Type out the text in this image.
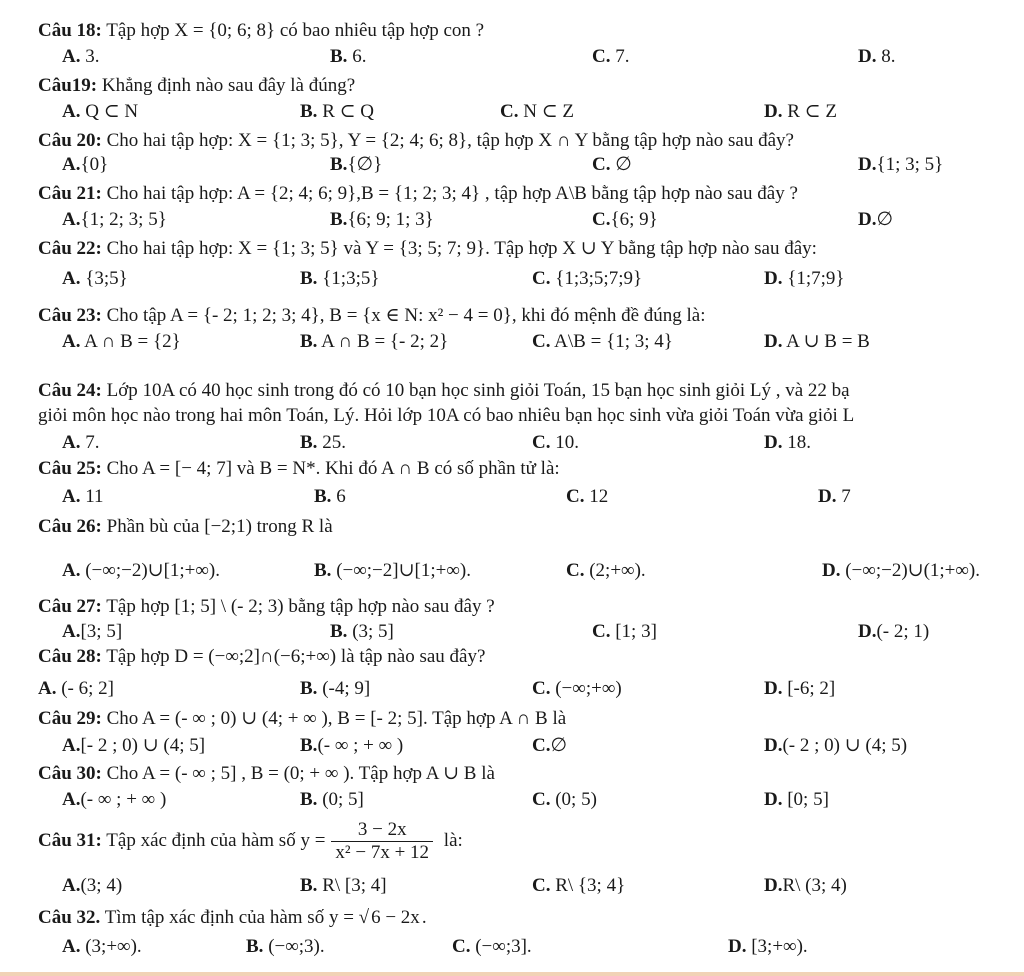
Câu 18: Tập hợp X = {0; 6; 8} có bao nhiêu tập hợp con ?
A. 3.	B. 6.	C. 7.	D. 8.
Câu19: Khẳng định nào sau đây là đúng?
A. Q ⊂ N	B. R ⊂ Q	C. N ⊂ Z	D. R ⊂ Z
Câu 20: Cho hai tập hợp: X = {1; 3; 5}, Y = {2; 4; 6; 8}, tập hợp X ∩ Y bằng tập hợp nào sau đây?
A.{0}	B.{∅}	C. ∅	D.{1; 3; 5}
Câu 21: Cho hai tập hợp: A = {2; 4; 6; 9},B = {1; 2; 3; 4} , tập hợp A\B bằng tập hợp nào sau đây ?
A.{1; 2; 3; 5}	B.{6; 9; 1; 3}	C.{6; 9}	D.∅
Câu 22: Cho hai tập hợp: X = {1; 3; 5} và Y = {3; 5; 7; 9}. Tập hợp X ∪ Y bằng tập hợp nào sau đây:
A. {3;5}	B. {1;3;5}	C. {1;3;5;7;9}	D. {1;7;9}
Câu 23: Cho tập A = {- 2; 1; 2; 3; 4}, B = {x ∈ N: x² − 4 = 0}, khi đó mệnh đề đúng là:
A. A ∩ B = {2}	B. A ∩ B = {- 2; 2}	C. A\B = {1; 3; 4}	D. A ∪ B = B
Câu 24: Lớp 10A có 40 học sinh trong đó có 10 bạn học sinh giỏi Toán, 15 bạn học sinh giỏi Lý , và 22 bạ
giỏi môn học nào trong hai môn Toán, Lý. Hỏi lớp 10A có bao nhiêu bạn học sinh vừa giỏi Toán vừa giỏi L
A. 7.	B. 25.	C. 10.	D. 18.
Câu 25: Cho A = [− 4; 7] và B = N*. Khi đó A ∩ B có số phần tử là:
A. 11	B. 6	C. 12	D. 7
Câu 26: Phần bù của [−2;1) trong R là
A. (−∞;−2)∪[1;+∞).	B. (−∞;−2]∪[1;+∞).	C. (2;+∞).	D. (−∞;−2)∪(1;+∞).
Câu 27: Tập hợp [1; 5] \ (- 2; 3) bằng tập hợp nào sau đây ?
A.[3; 5]	B. (3; 5]	C. [1; 3]	D.(- 2; 1)
Câu 28: Tập hợp D = (−∞;2]∩(−6;+∞) là tập nào sau đây?
A. (- 6; 2]	B. (-4; 9]	C. (−∞;+∞)	D. [-6; 2]
Câu 29: Cho A = (- ∞ ; 0) ∪ (4; + ∞ ), B = [- 2; 5]. Tập hợp A ∩ B là
A.[- 2 ; 0) ∪ (4; 5]	B.(- ∞ ; + ∞ )	C.∅	D.(- 2 ; 0) ∪ (4; 5)
Câu 30: Cho A = (- ∞ ; 5] , B = (0; + ∞ ). Tập hợp A ∪ B là
A.(- ∞ ; + ∞ )	B. (0; 5]	C. (0; 5)	D. [0; 5]
Câu 31: Tập xác định của hàm số $y = \frac{3 - 2x}{\text{x² − 7x + 12}}$ là:
A.(3; 4)	B. R\ [3; 4]	C. R\ {3; 4}	D.R\ (3; 4)
Câu 32. Tìm tập xác định của hàm số y = √ 6 − 2x .
A. (3;+∞).	B. (−∞;3).	C. (−∞;3].	D. [3;+∞).
